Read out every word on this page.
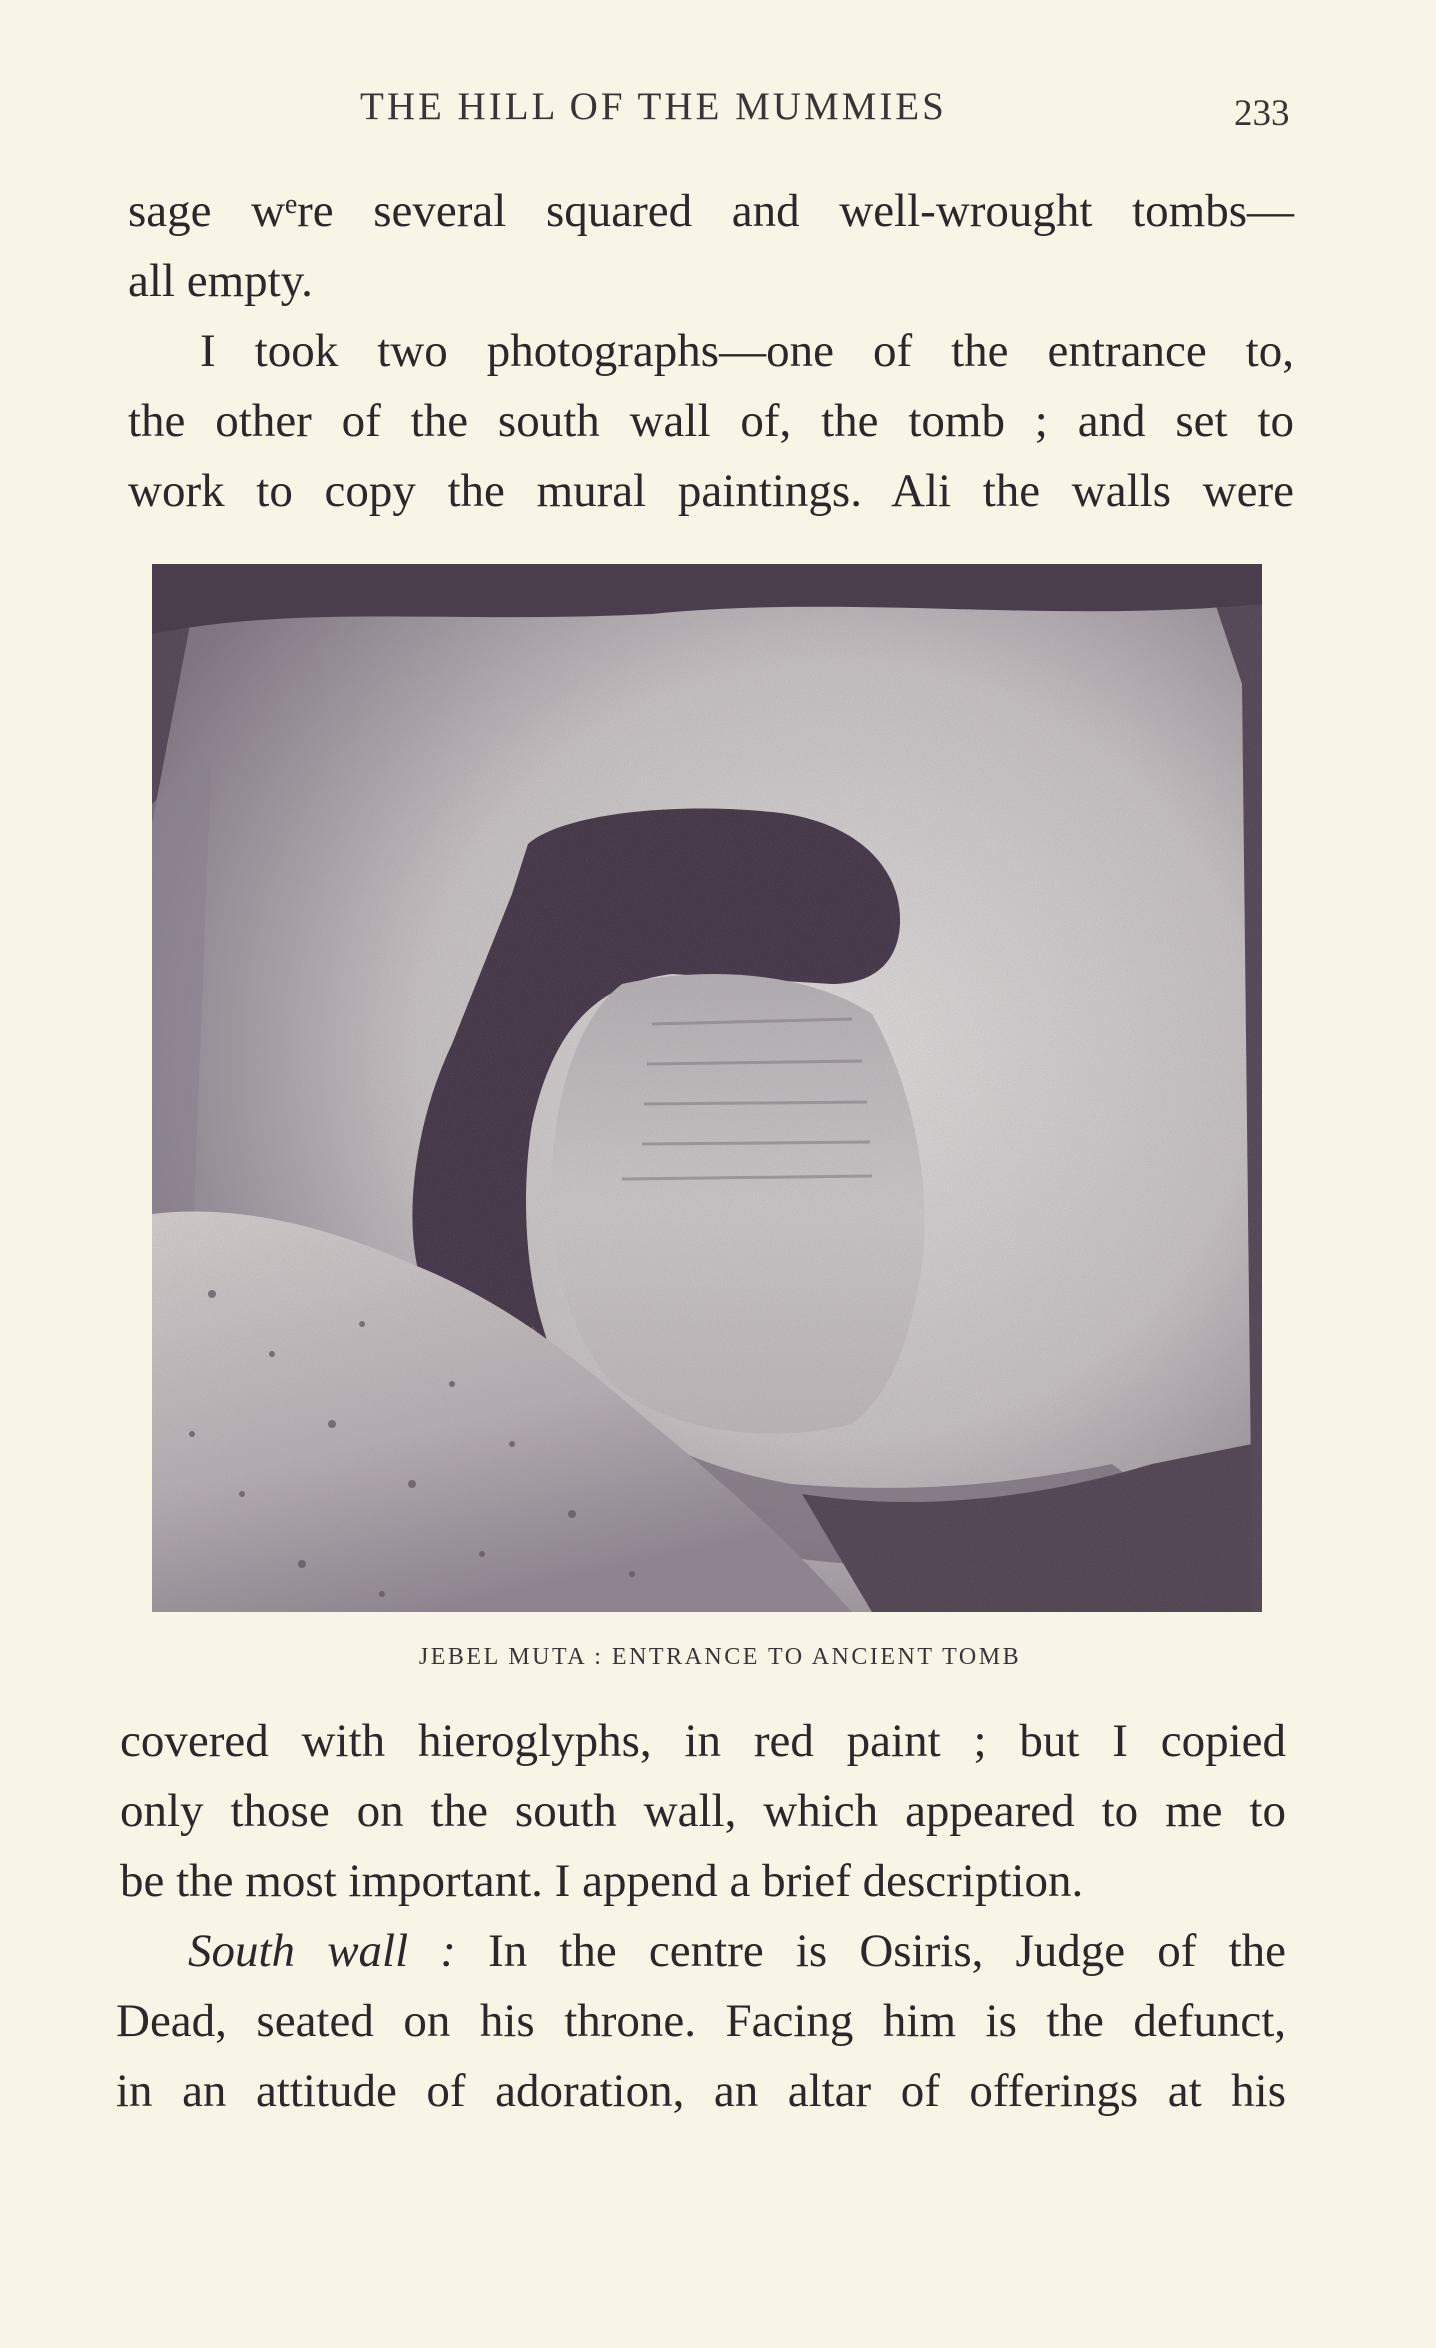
THE HILL OF THE MUMMIES	233
sage wᵉre several squared and well-wrought tombs—
all empty.
I took two photographs—one of the entrance to,
the other of the south wall of, the tomb ; and set to
work to copy the mural paintings. Ali the walls were
JEBEL MUTA : ENTRANCE TO ANCIENT TOMB
covered with hieroglyphs, in red paint ; but I copied
only those on the south wall, which appeared to me to
be the most important. I append a brief description.
South wall : In the centre is Osiris, Judge of the
Dead, seated on his throne. Facing him is the defunct,
in an attitude of adoration, an altar of offerings at his
